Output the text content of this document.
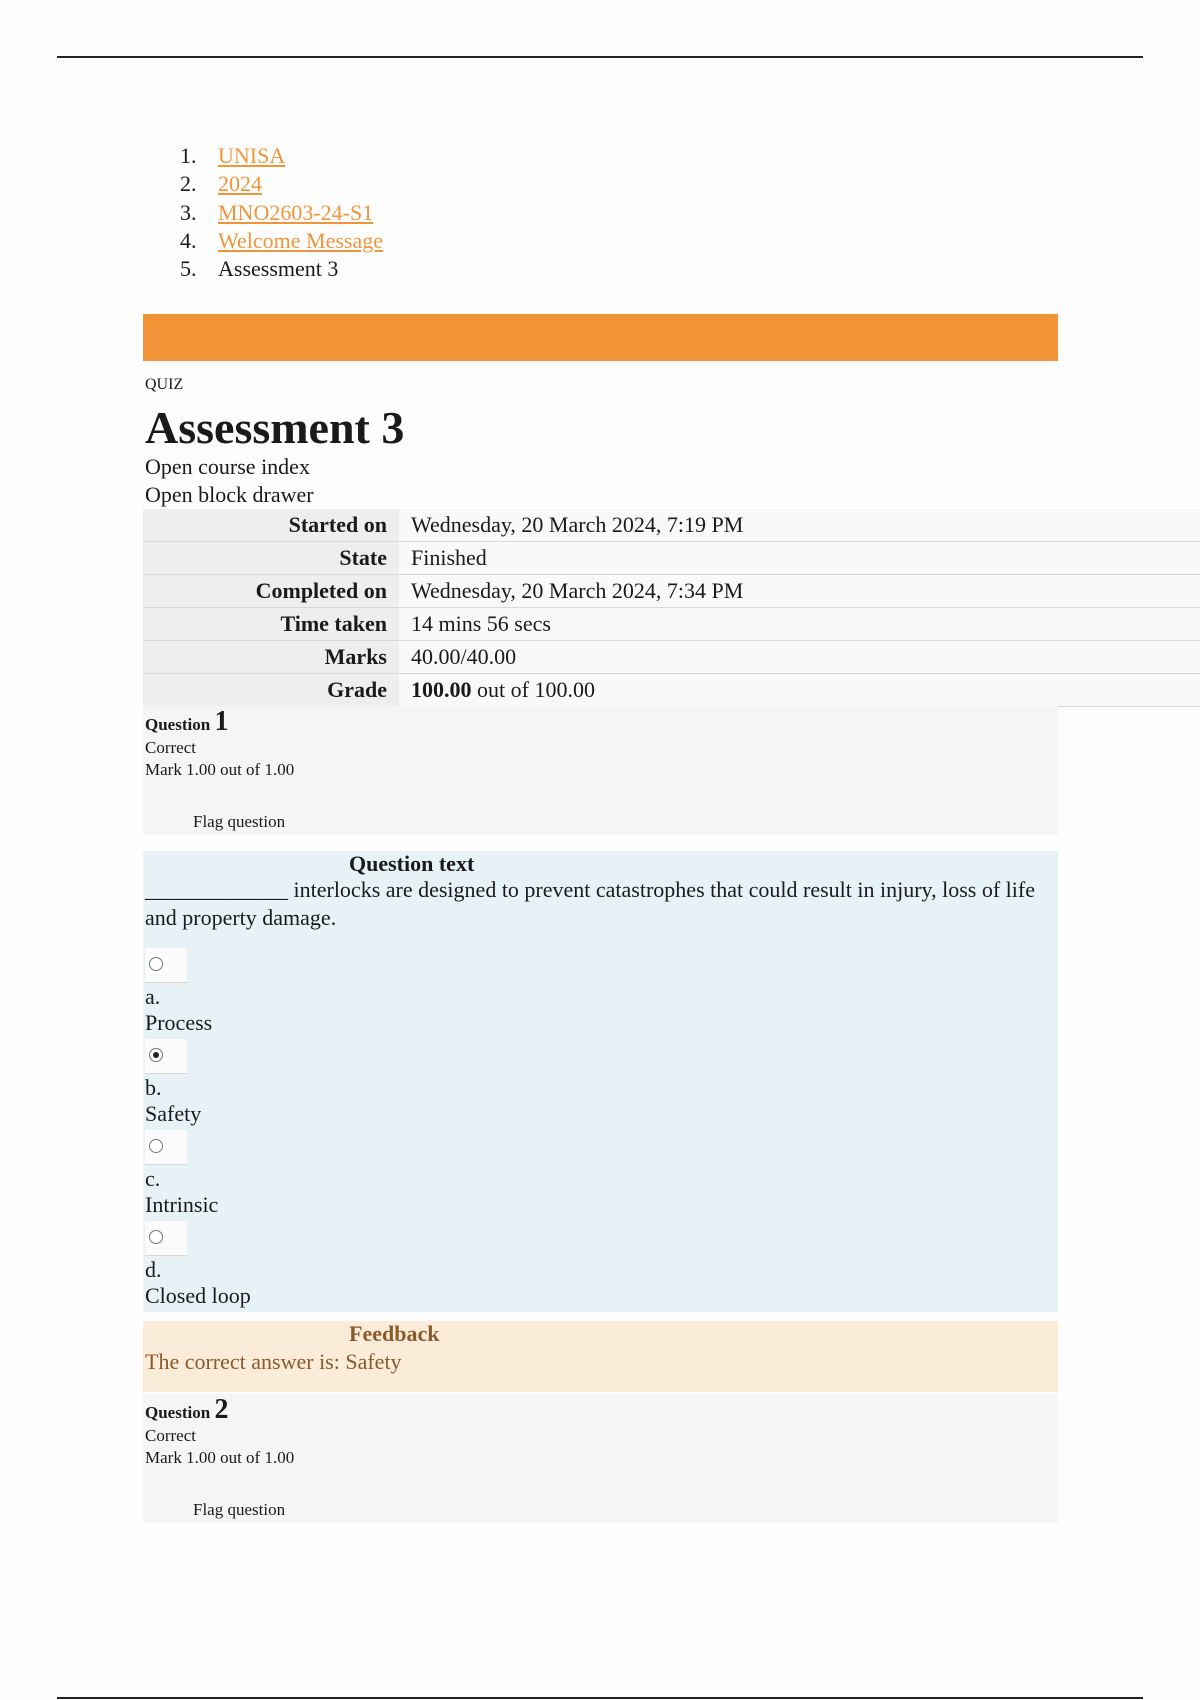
1. UNISA
2. 2024
3. MNO2603-24-S1
4. Welcome Message
5. Assessment 3
QUIZ
Assessment 3
Open course index
Open block drawer
Started on	Wednesday, 20 March 2024, 7:19 PM
State	Finished
Completed on	Wednesday, 20 March 2024, 7:34 PM
Time taken	14 mins 56 secs
Marks	40.00/40.00
Grade	100.00 out of 100.00
Question 1
Correct
Mark 1.00 out of 1.00
Flag question
Question text
_____________ interlocks are designed to prevent catastrophes that could result in injury, loss of life and property damage.
a.
Process
b.
Safety
c.
Intrinsic
d.
Closed loop
Feedback
The correct answer is: Safety
Question 2
Correct
Mark 1.00 out of 1.00
Flag question
